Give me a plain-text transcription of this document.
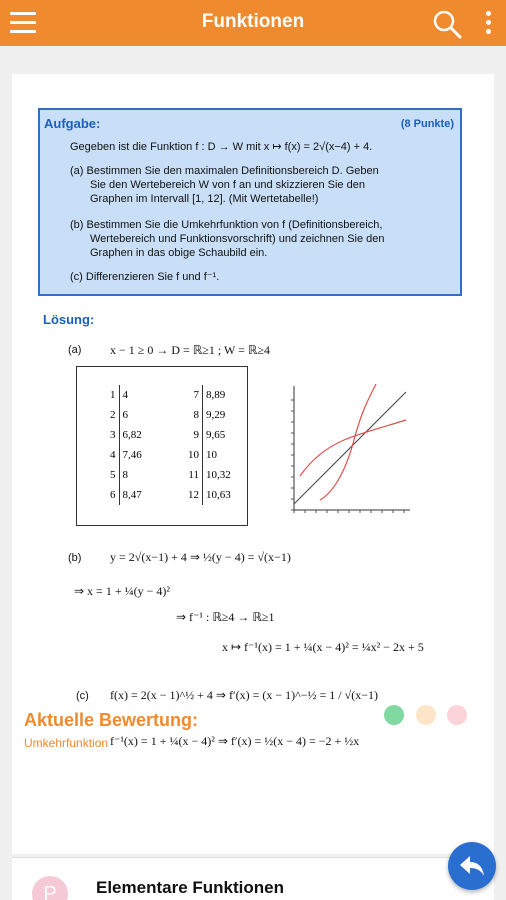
Funktionen
Aufgabe:	(8 Punkte)
Gegeben ist die Funktion f : D → W mit x ↦ f(x) = 2√(x−4) + 4.
(a) Bestimmen Sie den maximalen Definitionsbereich D. Geben
Sie den Wertebereich W von f an und skizzieren Sie den
Graphen im Intervall [1, 12]. (Mit Wertetabelle!)
(b) Bestimmen Sie die Umkehrfunktion von f (Definitionsbereich,
Wertebereich und Funktionsvorschrift) und zeichnen Sie den
Graphen in das obige Schaubild ein.
(c) Differenzieren Sie f und f⁻¹.
Lösung:
(a) x − 1 ≥ 0 → D = ℝ≥1 ; W = ℝ≥4
1	4		7	8,89
2	6		8	9,29
3	6,82		9	9,65
4	7,46		10	10
5	8		11	10,32
6	8,47		12	10,63
(b) y = 2√(x−1) + 4 ⇒ ½(y − 4) = √(x−1)
⇒ x = 1 + ¼(y − 4)²
⇒ f⁻¹ : ℝ≥4 → ℝ≥1
x ↦ f⁻¹(x) = 1 + ¼(x − 4)² = ¼x² − 2x + 5
(c) f(x) = 2(x − 1)^½ + 4 ⇒ f′(x) = (x − 1)^−½ = 1 / √(x−1)
f⁻¹(x) = 1 + ¼(x − 4)² ⇒ f′(x) = ½(x − 4) = −2 + ½x
Aktuelle Bewertung:
Umkehrfunktion
P	Elementare Funktionen
